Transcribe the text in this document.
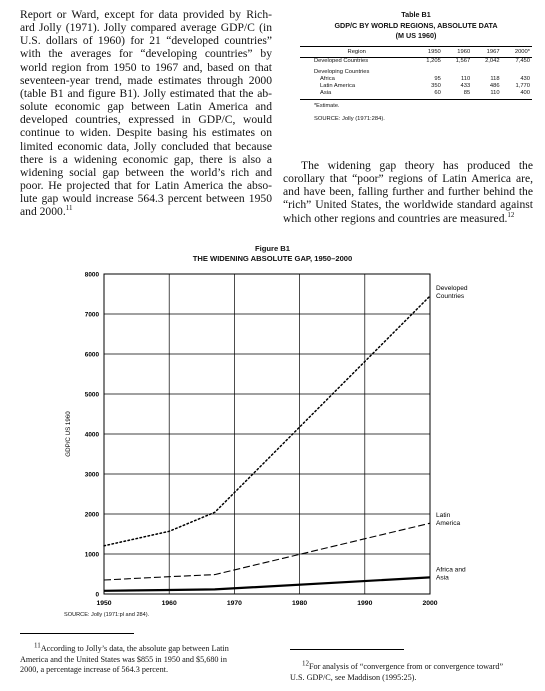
Report or Ward, except for data provided by Rich-
ard Jolly (1971). Jolly compared average GDP/C (in
U.S. dollars of 1960) for 21 “developed countries”
with the averages for “developing countries” by
world region from 1950 to 1967 and, based on that
seventeen-year trend, made estimates through 2000
(table B1 and figure B1). Jolly estimated that the ab-
solute economic gap between Latin America and
developed countries, expressed in GDP/C, would
continue to widen. Despite basing his estimates on
limited economic data, Jolly concluded that because
there is a widening economic gap, there is also a
widening social gap between the world’s rich and
poor. He projected that for Latin America the abso-
lute gap would increase 564.3 percent between 1950
and 2000.11
Table B1
GDP/C BY WORLD REGIONS, ABSOLUTE DATA
(M US 1960)
Region	1950	1960	1967	2000*
Developed Countries	1,205	1,567	2,042	7,450
Developing Countries				
Africa	95	110	118	430
Latin America	350	433	486	1,770
Asia	60	85	110	400
*Estimate.
SOURCE: Jolly (1971:284).
The widening gap theory has produced the
corollary that “poor” regions of Latin America are,
and have been, falling further and further behind the
“rich” United States, the worldwide standard against
which other regions and countries are measured.$^{12}$
Figure B1
THE WIDENING ABSOLUTE GAP, 1950–2000
0
1000
2000
3000
4000
5000
6000
7000
8000
1950	1960	1970	1980	1990	2000
GDP/C US 1960
Developed
Countries
Latin
America
Africa and
Asia
SOURCE: Jolly (1971:pl and 284).
$^{11}$According to Jolly’s data, the absolute gap between Latin
America and the United States was $855 in 1950 and $5,680 in
2000, a percentage increase of 564.3 percent.
$^{12}$For analysis of “convergence from or convergence toward”
U.S. GDP/C, see Maddison (1995:25).
